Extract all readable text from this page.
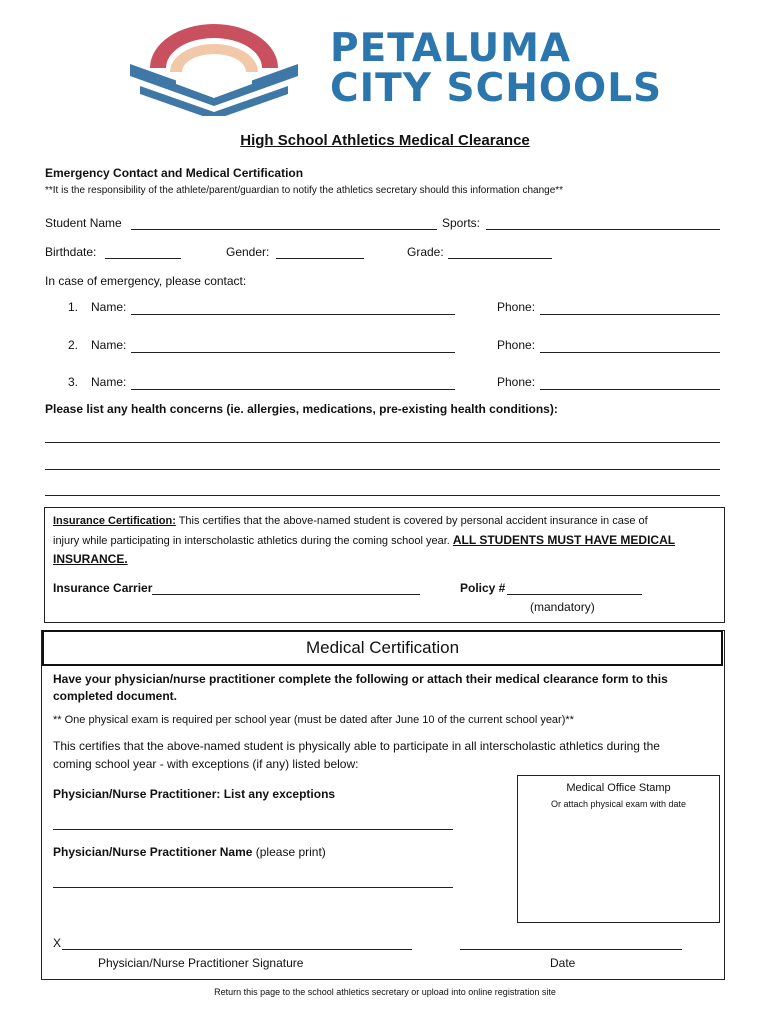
PETALUMA
CITY SCHOOLS
High School Athletics Medical Clearance
Emergency Contact and Medical Certification
**It is the responsibility of the athlete/parent/guardian to notify the athletics secretary should this information change**
Student Name	Sports:
Birthdate:	Gender:	Grade:
In case of emergency, please contact:
1. Name:	Phone:
2. Name:	Phone:
3. Name:	Phone:
Please list any health concerns (ie. allergies, medications, pre-existing health conditions):
Insurance Certification: This certifies that the above-named student is covered by personal accident insurance in case of
injury while participating in interscholastic athletics during the coming school year. ALL STUDENTS MUST HAVE MEDICAL
INSURANCE.
Insurance Carrier	Policy #
(mandatory)
Medical Certification
Have your physician/nurse practitioner complete the following or attach their medical clearance form to this
completed document.
** One physical exam is required per school year (must be dated after June 10 of the current school year)**
This certifies that the above-named student is physically able to participate in all interscholastic athletics during the
coming school year - with exceptions (if any) listed below:
Medical Office Stamp
Or attach physical exam with date
Physician/Nurse Practitioner: List any exceptions
Physician/Nurse Practitioner Name (please print)
X
Physician/Nurse Practitioner Signature	Date
Return this page to the school athletics secretary or upload into online registration site
